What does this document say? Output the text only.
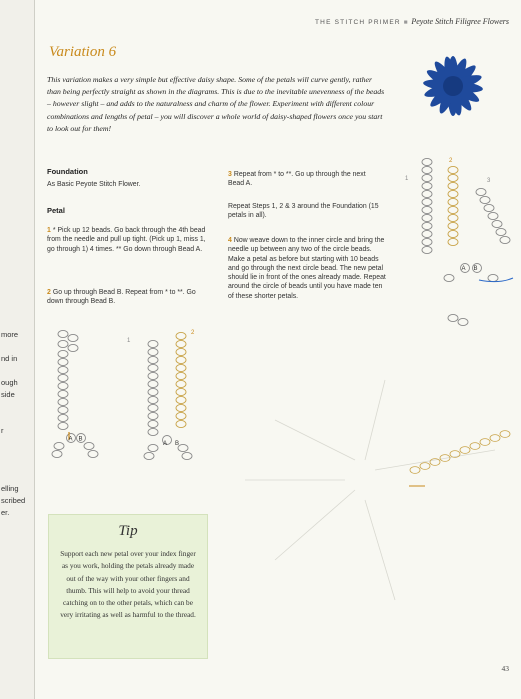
more
nd in
ough
side
r
elling
scribed
er.
THE STITCH PRIMER ■ Peyote Stitch Filigree Flowers
Variation 6

This variation makes a very simple but effective daisy shape. Some of the petals will curve gently, rather than being perfectly straight as shown in the diagrams. This is due to the inevitable unevenness of the beads – however slight – and adds to the naturalness and charm of the flower. Experiment with different colour combinations and lengths of petal – you will discover a whole world of daisy-shaped flowers once you start to look out for them!

Foundation

As Basic Peyote Stitch Flower.

Petal

1 * Pick up 12 beads. Go back through the 4th bead from the needle and pull up tight. (Pick up 1, miss 1, go through 1) 4 times. ** Go down through Bead A.

2 Go up through Bead B. Repeat from * to **. Go down through Bead B.

3 Repeat from * to **. Go up through the next Bead A.

Repeat Steps 1, 2 & 3 around the Foundation (15 petals in all).

4 Now weave down to the inner circle and bring the needle up between any two of the circle beads. Make a petal as before but starting with 10 beads and go through the next circle bead. The new petal should lie in front of the ones already made. Repeat around the circle of beads until you have made ten of these shorter petals.

A B
1
2
A B
1
2
3
A B
Tip

Support each new petal over your index finger as you work, holding the petals already made out of the way with your other fingers and thumb. This will help to avoid your thread catching on to the other petals, which can be very irritating as well as harmful to the thread.

43
